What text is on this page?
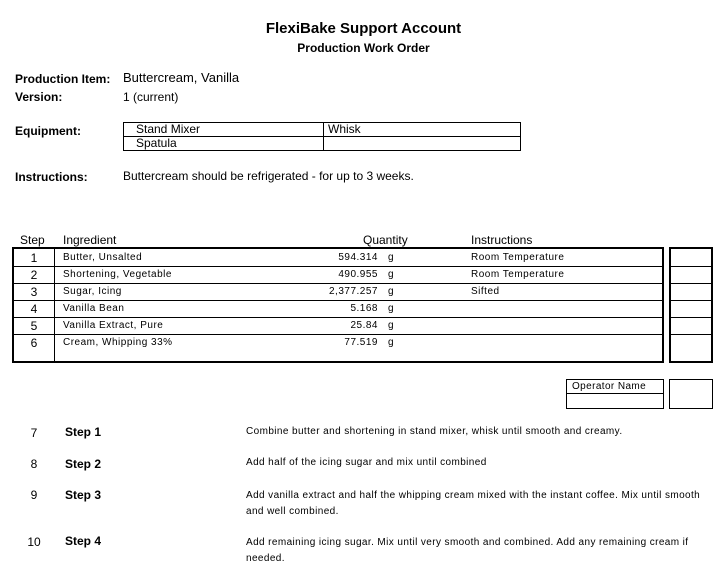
FlexiBake Support Account
Production Work Order
Production Item: Buttercream, Vanilla
Version:	1 (current)
Equipment:	Stand Mixer	Whisk
Spatula	
Instructions:	Buttercream should be refrigerated - for up to 3 weeks.
Step Ingredient	Quantity	Instructions
1	Butter, Unsalted	594.314 g	Room Temperature
2	Shortening, Vegetable	490.955 g	Room Temperature
3	Sugar, Icing	2,377.257 g	Sifted
4	Vanilla Bean	5.168 g
5	Vanilla Extract, Pure	25.84 g
6	Cream, Whipping 33%	77.519 g
Operator Name
7	Step 1	Combine butter and shortening in stand mixer, whisk until smooth and creamy.
8	Step 2	Add half of the icing sugar and mix until combined
9	Step 3	Add vanilla extract and half the whipping cream mixed with the instant coffee. Mix until smooth and well combined.
10	Step 4	Add remaining icing sugar. Mix until very smooth and combined. Add any remaining cream if needed.
